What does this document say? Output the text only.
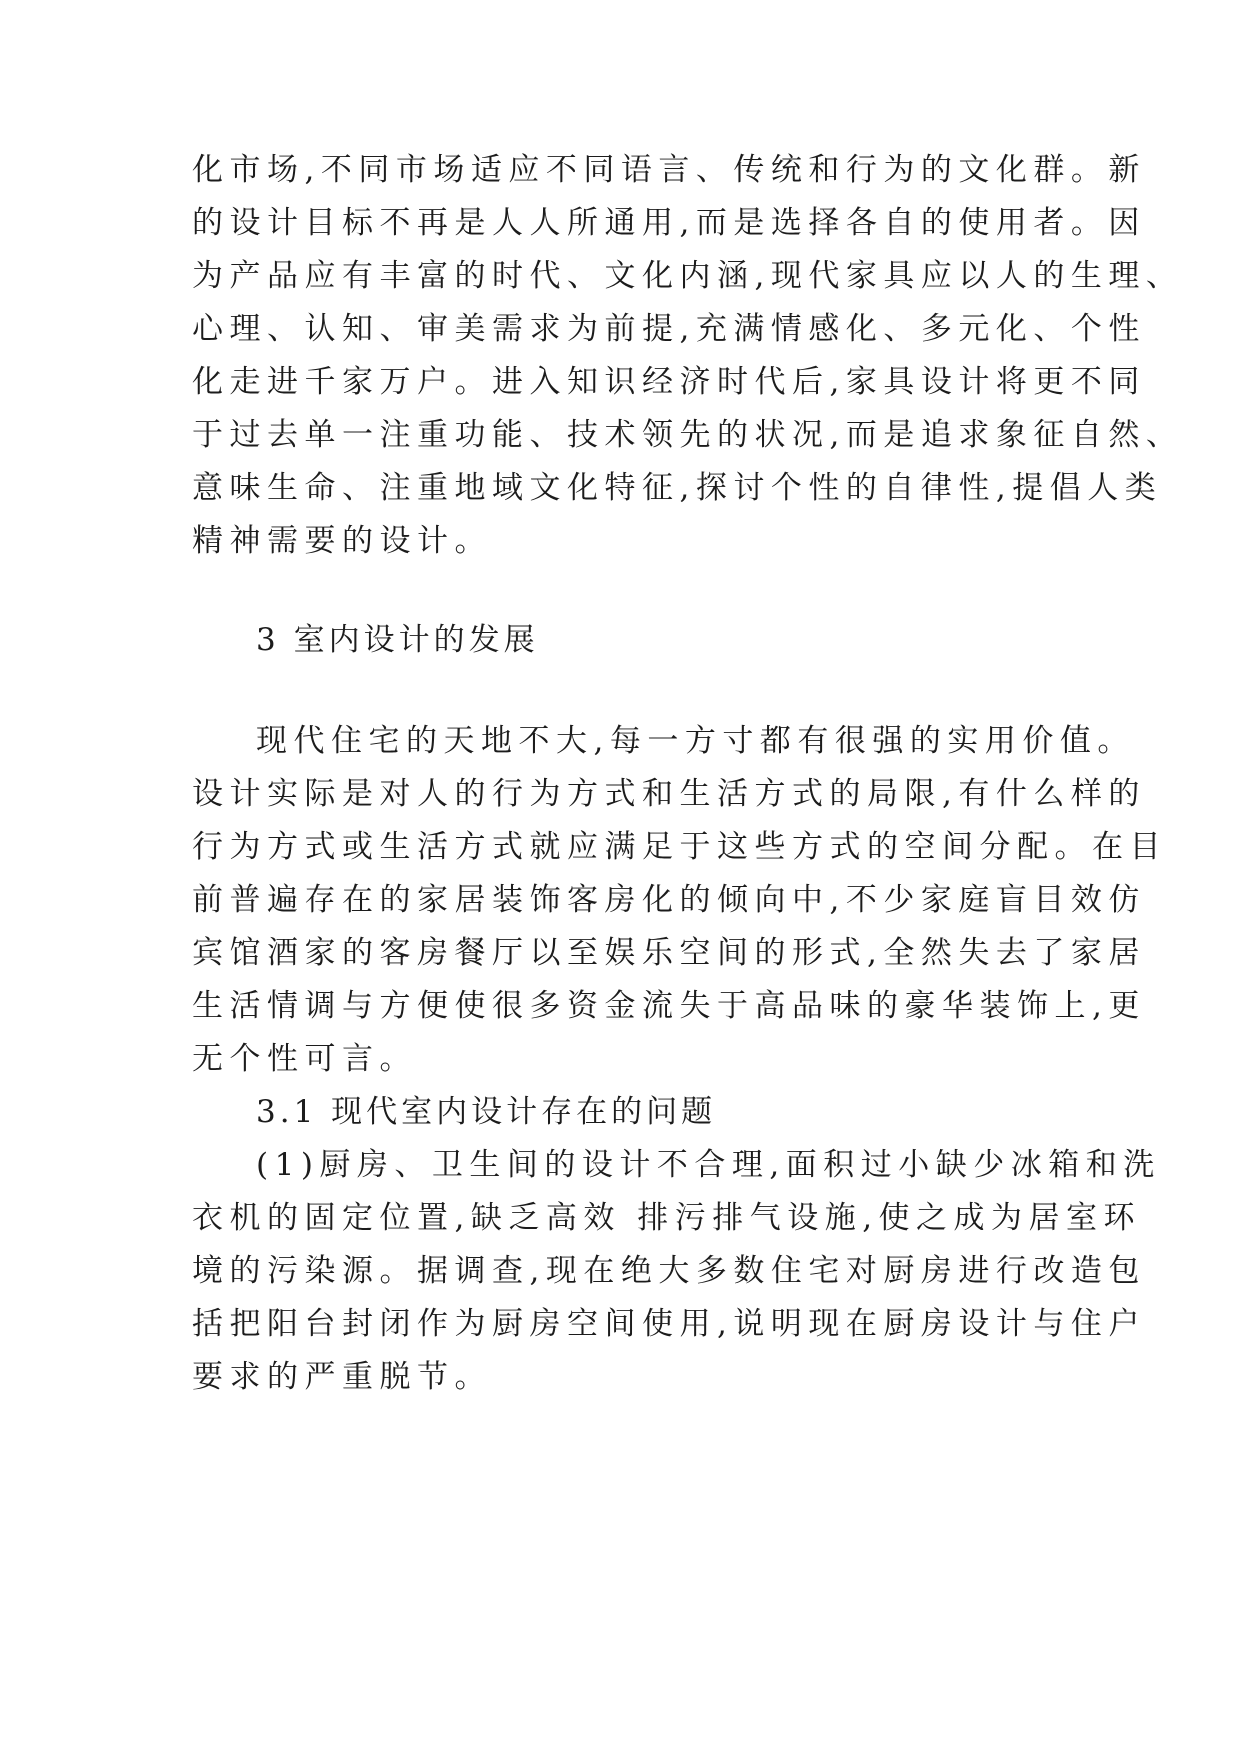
化市场,不同市场适应不同语言、传统和行为的文化群。新
的设计目标不再是人人所通用,而是选择各自的使用者。因
为产品应有丰富的时代、文化内涵,现代家具应以人的生理、
心理、认知、审美需求为前提,充满情感化、多元化、个性
化走进千家万户。进入知识经济时代后,家具设计将更不同
于过去单一注重功能、技术领先的状况,而是追求象征自然、
意味生命、注重地域文化特征,探讨个性的自律性,提倡人类
精神需要的设计。
3 室内设计的发展
现代住宅的天地不大,每一方寸都有很强的实用价值。
设计实际是对人的行为方式和生活方式的局限,有什么样的
行为方式或生活方式就应满足于这些方式的空间分配。在目
前普遍存在的家居装饰客房化的倾向中,不少家庭盲目效仿
宾馆酒家的客房餐厅以至娱乐空间的形式,全然失去了家居
生活情调与方便使很多资金流失于高品味的豪华装饰上,更
无个性可言。
3.1 现代室内设计存在的问题
(1)厨房、卫生间的设计不合理,面积过小缺少冰箱和洗
衣机的固定位置,缺乏高效 排污排气设施,使之成为居室环
境的污染源。据调查,现在绝大多数住宅对厨房进行改造包
括把阳台封闭作为厨房空间使用,说明现在厨房设计与住户
要求的严重脱节。
